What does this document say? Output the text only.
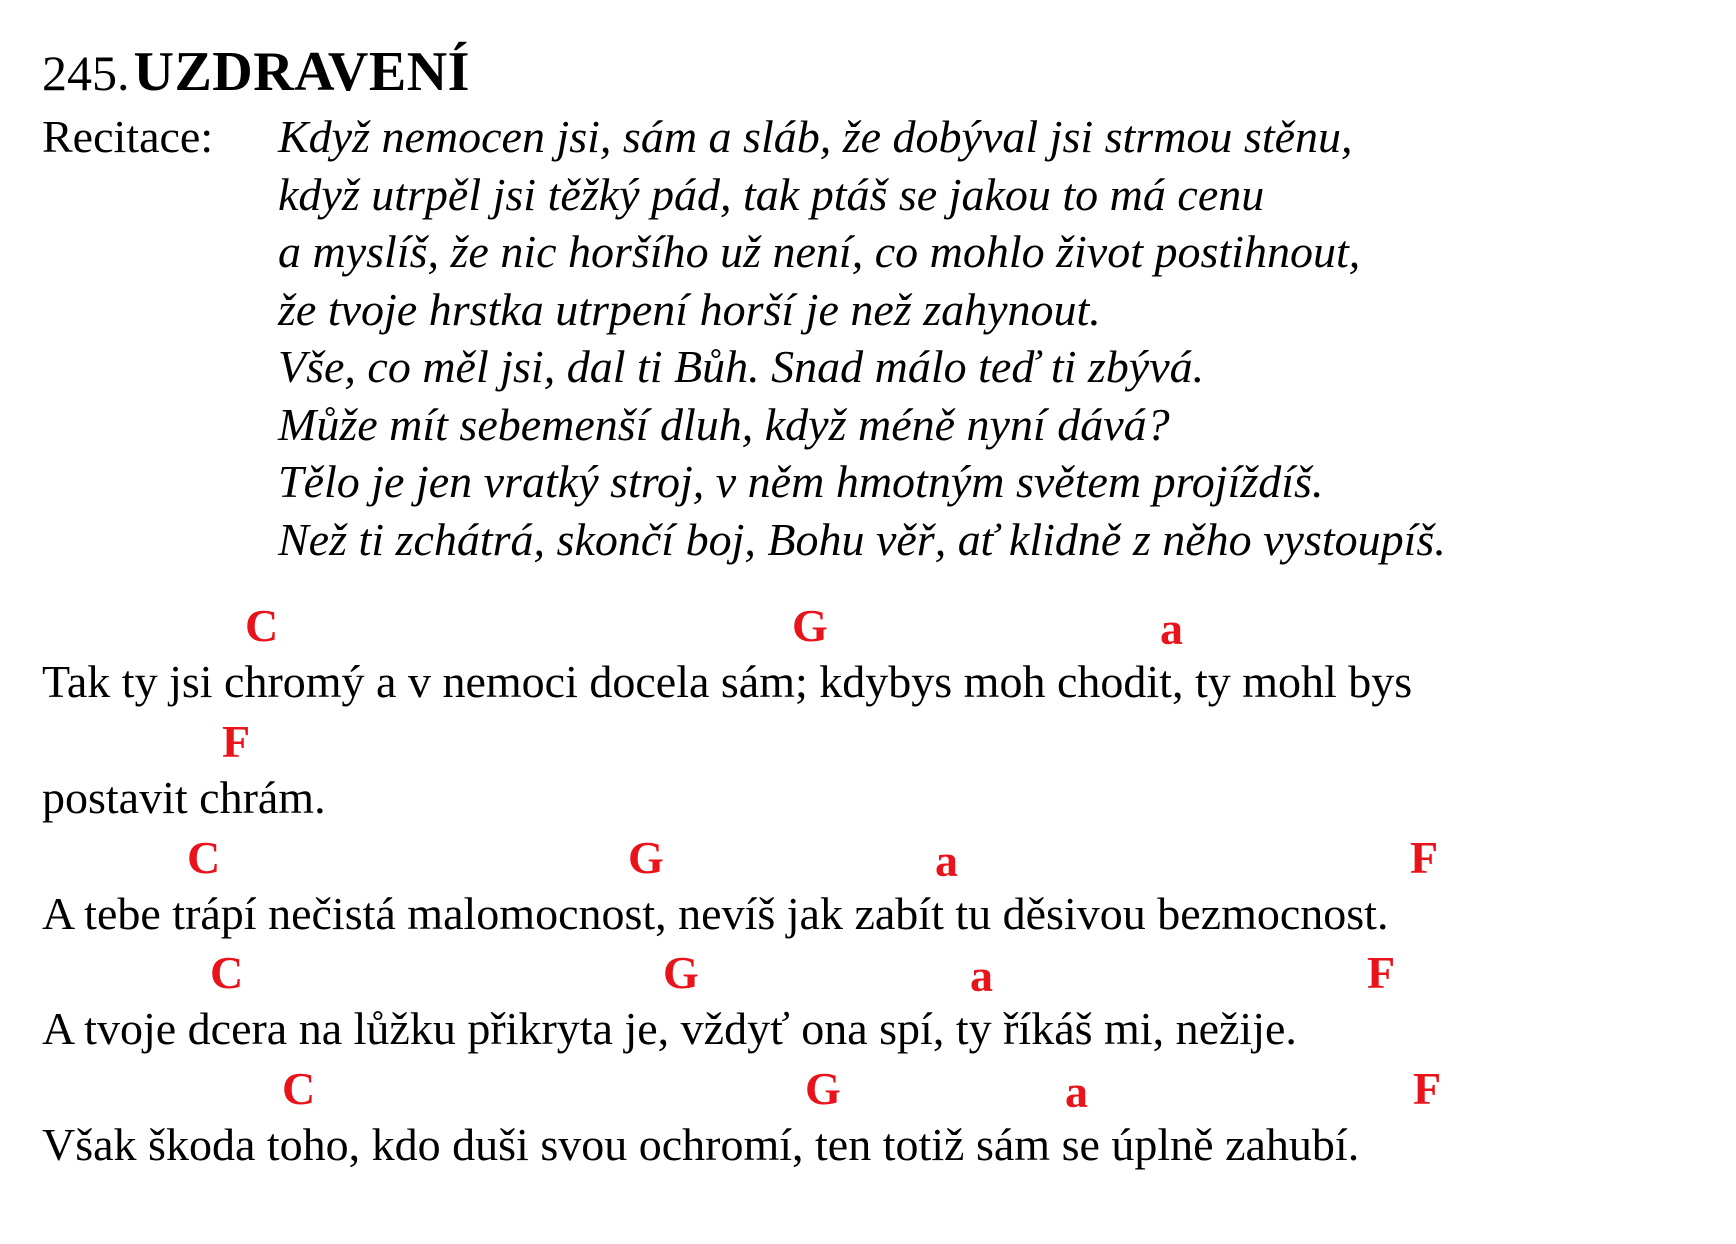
245. UZDRAVENÍ
Recitace: Když nemocen jsi, sám a sláb, že dobýval jsi strmou stěnu,
když utrpěl jsi těžký pád, tak ptáš se jakou to má cenu
a myslíš, že nic horšího už není, co mohlo život postihnout,
že tvoje hrstka utrpení horší je než zahynout.
Vše, co měl jsi, dal ti Bůh. Snad málo teď ti zbývá.
Může mít sebemenší dluh, když méně nyní dává?
Tělo je jen vratký stroj, v něm hmotným světem projíždíš.
Než ti zchátrá, skončí boj, Bohu věř, ať klidně z něho vystoupíš.
C	G	a
Tak ty jsi chromý a v nemoci docela sám; kdybys moh chodit, ty mohl bys
F
postavit chrám.
C	G	a	F
A tebe trápí nečistá malomocnost, nevíš jak zabít tu děsivou bezmocnost.
C	G	a	F
A tvoje dcera na lůžku přikryta je, vždyť ona spí, ty říkáš mi, nežije.
C	G	a	F
Však škoda toho, kdo duši svou ochromí, ten totiž sám se úplně zahubí.
